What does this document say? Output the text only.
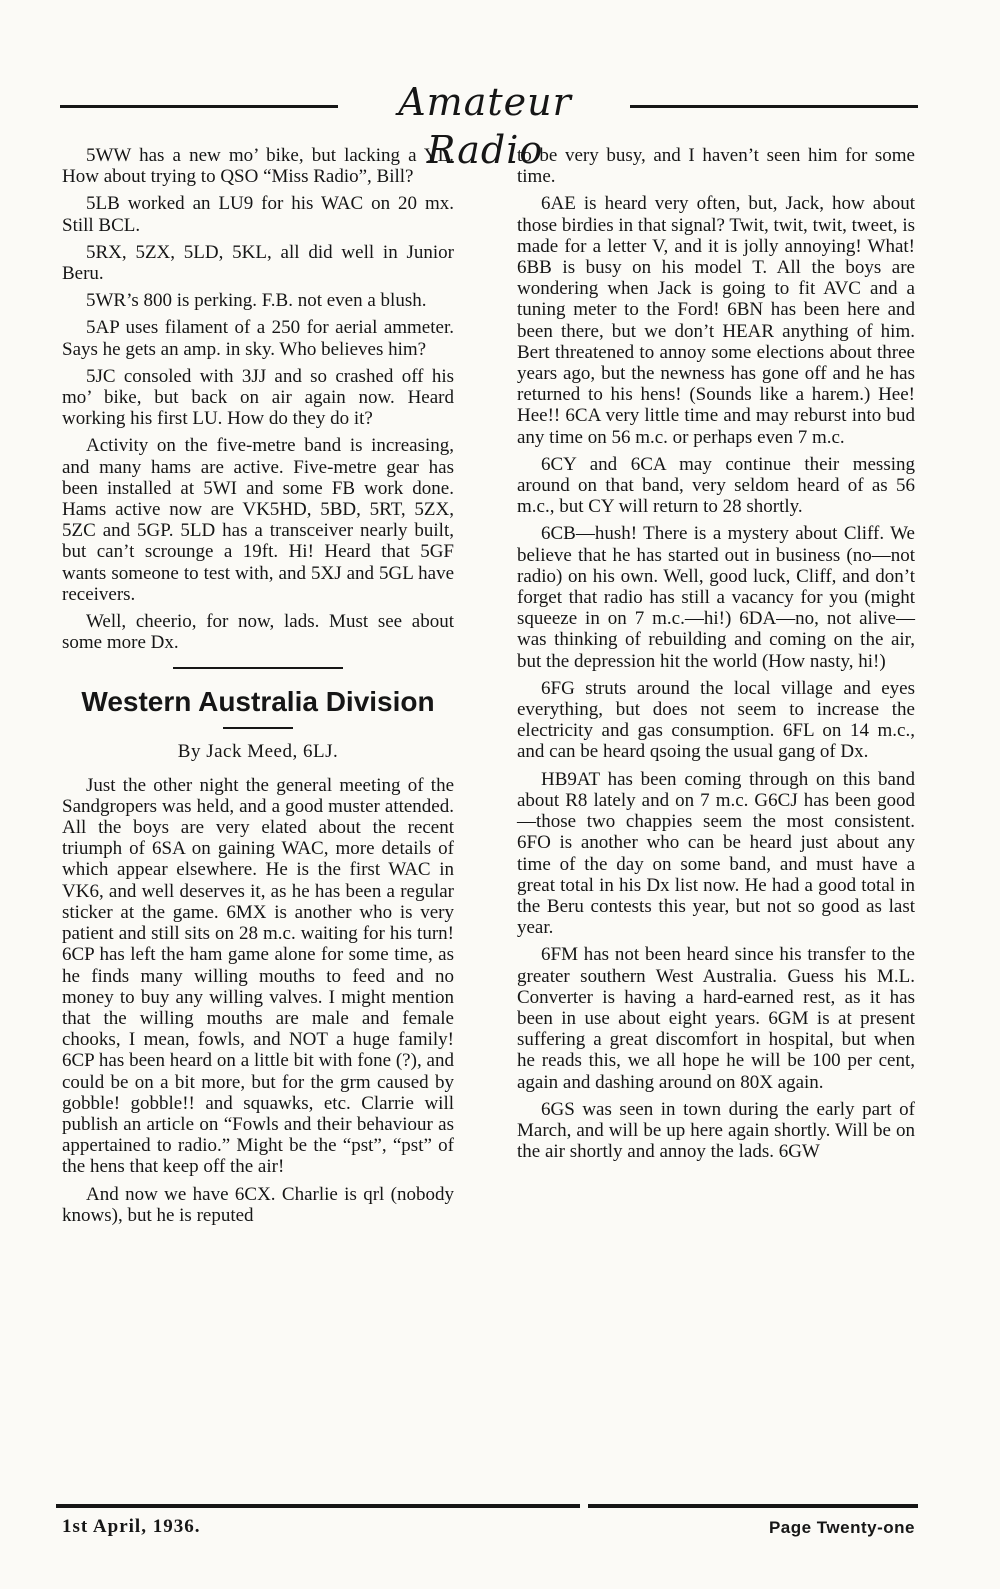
Amateur Radio

5WW has a new mo’ bike, but lacking a YL. How about trying to QSO “Miss Radio”, Bill?

5LB worked an LU9 for his WAC on 20 mx. Still BCL.

5RX, 5ZX, 5LD, 5KL, all did well in Junior Beru.

5WR’s 800 is perking. F.B. not even a blush.

5AP uses filament of a 250 for aerial ammeter. Says he gets an amp. in sky. Who believes him?

5JC consoled with 3JJ and so crashed off his mo’ bike, but back on air again now. Heard working his first LU. How do they do it?

Activity on the five-metre band is increasing, and many hams are active. Five-metre gear has been installed at 5WI and some FB work done. Hams active now are VK5HD, 5BD, 5RT, 5ZX, 5ZC and 5GP. 5LD has a transceiver nearly built, but can’t scrounge a 19ft. Hi! Heard that 5GF wants someone to test with, and 5XJ and 5GL have receivers.

Well, cheerio, for now, lads. Must see about some more Dx.

Western Australia Division
By Jack Meed, 6LJ.

Just the other night the general meeting of the Sandgropers was held, and a good muster attended. All the boys are very elated about the recent triumph of 6SA on gaining WAC, more details of which appear elsewhere. He is the first WAC in VK6, and well deserves it, as he has been a regular sticker at the game. 6MX is another who is very patient and still sits on 28 m.c. waiting for his turn! 6CP has left the ham game alone for some time, as he finds many willing mouths to feed and no money to buy any willing valves. I might mention that the willing mouths are male and female chooks, I mean, fowls, and NOT a huge family! 6CP has been heard on a little bit with fone (?), and could be on a bit more, but for the grm caused by gobble! gobble!! and squawks, etc. Clarrie will publish an article on “Fowls and their behaviour as appertained to radio.” Might be the “pst”, “pst” of the hens that keep off the air!

And now we have 6CX. Charlie is qrl (nobody knows), but he is reputed

to be very busy, and I haven’t seen him for some time.

6AE is heard very often, but, Jack, how about those birdies in that signal? Twit, twit, twit, tweet, is made for a letter V, and it is jolly annoying! What! 6BB is busy on his model T. All the boys are wondering when Jack is going to fit AVC and a tuning meter to the Ford! 6BN has been here and been there, but we don’t HEAR anything of him. Bert threatened to annoy some elections about three years ago, but the newness has gone off and he has returned to his hens! (Sounds like a harem.) Hee! Hee!! 6CA very little time and may reburst into bud any time on 56 m.c. or perhaps even 7 m.c.

6CY and 6CA may continue their messing around on that band, very seldom heard of as 56 m.c., but CY will return to 28 shortly.

6CB—hush! There is a mystery about Cliff. We believe that he has started out in business (no—not radio) on his own. Well, good luck, Cliff, and don’t forget that radio has still a vacancy for you (might squeeze in on 7 m.c.—hi!) 6DA—no, not alive—was thinking of rebuilding and coming on the air, but the depression hit the world (How nasty, hi!)

6FG struts around the local village and eyes everything, but does not seem to increase the electricity and gas consumption. 6FL on 14 m.c., and can be heard qsoing the usual gang of Dx.

HB9AT has been coming through on this band about R8 lately and on 7 m.c. G6CJ has been good—those two chappies seem the most consistent. 6FO is another who can be heard just about any time of the day on some band, and must have a great total in his Dx list now. He had a good total in the Beru contests this year, but not so good as last year.

6FM has not been heard since his transfer to the greater southern West Australia. Guess his M.L. Converter is having a hard-earned rest, as it has been in use about eight years. 6GM is at present suffering a great discomfort in hospital, but when he reads this, we all hope he will be 100 per cent, again and dashing around on 80X again.

6GS was seen in town during the early part of March, and will be up here again shortly. Will be on the air shortly and annoy the lads. 6GW

1st April, 1936.	Page Twenty-one
